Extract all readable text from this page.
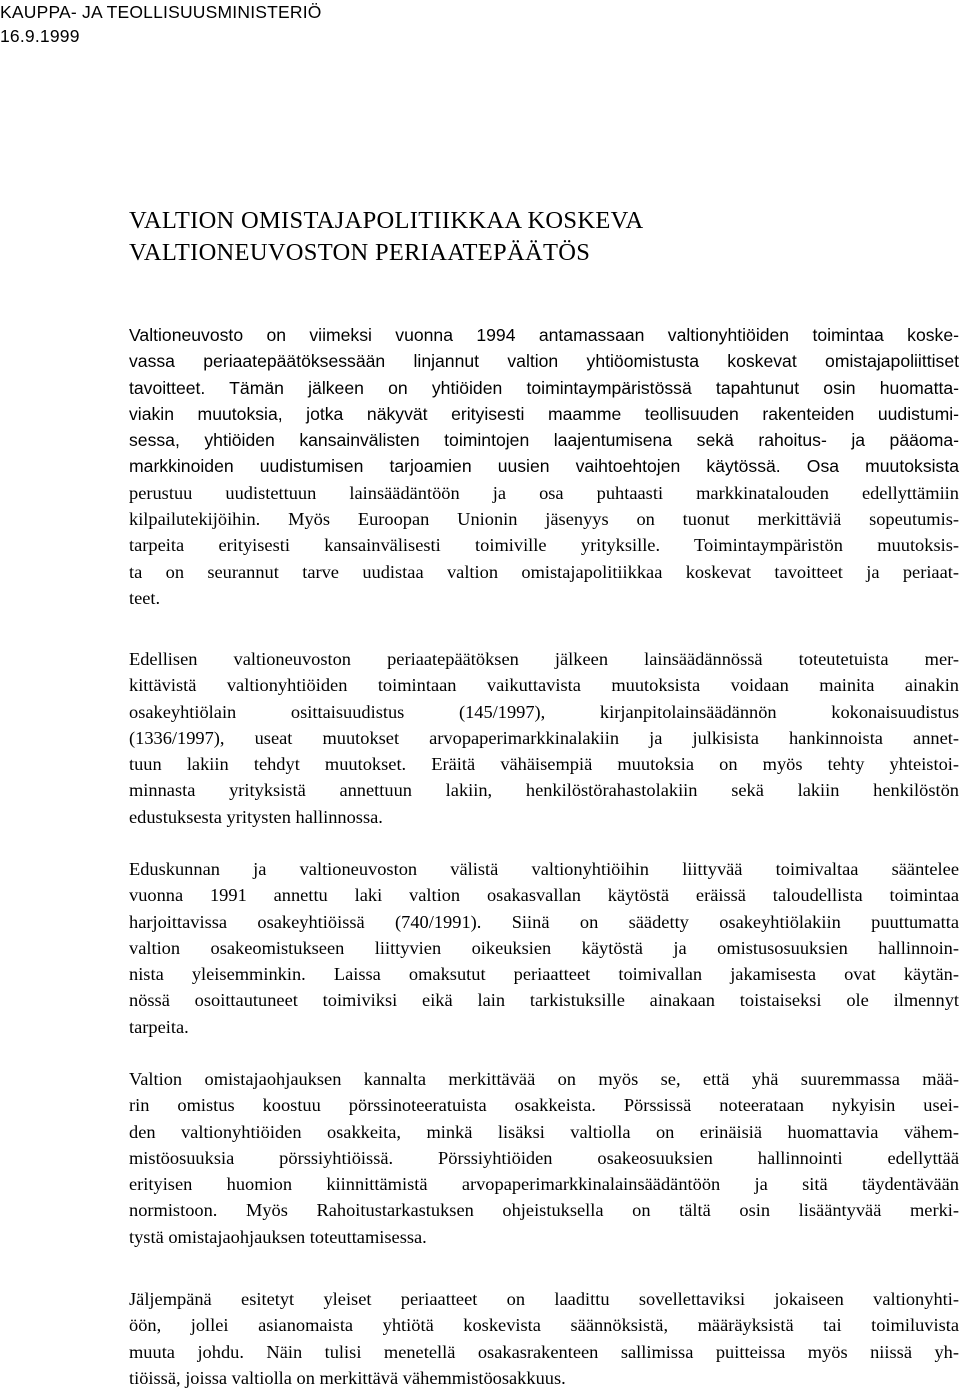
KAUPPA- JA TEOLLISUUSMINISTERIÖ
16.9.1999
VALTION OMISTAJAPOLITIIKKAA KOSKEVA
VALTIONEUVOSTON PERIAATEPÄÄTÖS
Valtioneuvosto on viimeksi vuonna 1994 antamassaan valtionyhtiöiden toimintaa koske-
vassa periaatepäätöksessään linjannut valtion yhtiöomistusta koskevat omistajapoliittiset
tavoitteet. Tämän jälkeen on yhtiöiden toimintaympäristössä tapahtunut osin huomatta-
viakin muutoksia, jotka näkyvät erityisesti maamme teollisuuden rakenteiden uudistumi-
sessa, yhtiöiden kansainvälisten toimintojen laajentumisena sekä rahoitus- ja pääoma-
markkinoiden uudistumisen tarjoamien uusien vaihtoehtojen käytössä. Osa muutoksista
perustuu uudistettuun lainsäädäntöön ja osa puhtaasti markkinatalouden edellyttämiin
kilpailutekijöihin. Myös Euroopan Unionin jäsenyys on tuonut merkittäviä sopeutumis-
tarpeita erityisesti kansainvälisesti toimiville yrityksille. Toimintaympäristön muutoksis-
ta on seurannut tarve uudistaa valtion omistajapolitiikkaa koskevat tavoitteet ja periaat-
teet.
Edellisen valtioneuvoston periaatepäätöksen jälkeen lainsäädännössä toteutetuista mer-
kittävistä valtionyhtiöiden toimintaan vaikuttavista muutoksista voidaan mainita ainakin
osakeyhtiölain osittaisuudistus (145/1997), kirjanpitolainsäädännön kokonaisuudistus
(1336/1997), useat muutokset arvopaperimarkkinalakiin ja julkisista hankinnoista annet-
tuun lakiin tehdyt muutokset. Eräitä vähäisempiä muutoksia on myös tehty yhteistoi-
minnasta yrityksistä annettuun lakiin, henkilöstörahastolakiin sekä lakiin henkilöstön
edustuksesta yritysten hallinnossa.
Eduskunnan ja valtioneuvoston välistä valtionyhtiöihin liittyvää toimivaltaa sääntelee
vuonna 1991 annettu laki valtion osakasvallan käytöstä eräissä taloudellista toimintaa
harjoittavissa osakeyhtiöissä (740/1991). Siinä on säädetty osakeyhtiölakiin puuttumatta
valtion osakeomistukseen liittyvien oikeuksien käytöstä ja omistusosuuksien hallinnoin-
nista yleisemminkin. Laissa omaksutut periaatteet toimivallan jakamisesta ovat käytän-
nössä osoittautuneet toimiviksi eikä lain tarkistuksille ainakaan toistaiseksi ole ilmennyt
tarpeita.
Valtion omistajaohjauksen kannalta merkittävää on myös se, että yhä suuremmassa mää-
rin omistus koostuu pörssinoteeratuista osakkeista. Pörssissä noteerataan nykyisin usei-
den valtionyhtiöiden osakkeita, minkä lisäksi valtiolla on erinäisiä huomattavia vähem-
mistöosuuksia pörssiyhtiöissä. Pörssiyhtiöiden osakeosuuksien hallinnointi edellyttää
erityisen huomion kiinnittämistä arvopaperimarkkinalainsäädäntöön ja sitä täydentävään
normistoon. Myös Rahoitustarkastuksen ohjeistuksella on tältä osin lisääntyvää merki-
tystä omistajaohjauksen toteuttamisessa.
Jäljempänä esitetyt yleiset periaatteet on laadittu sovellettaviksi jokaiseen valtionyhti-
öön, jollei asianomaista yhtiötä koskevista säännöksistä, määräyksistä tai toimiluvista
muuta johdu. Näin tulisi menetellä osakasrakenteen sallimissa puitteissa myös niissä yh-
tiöissä, joissa valtiolla on merkittävä vähemmistöosakkuus.
